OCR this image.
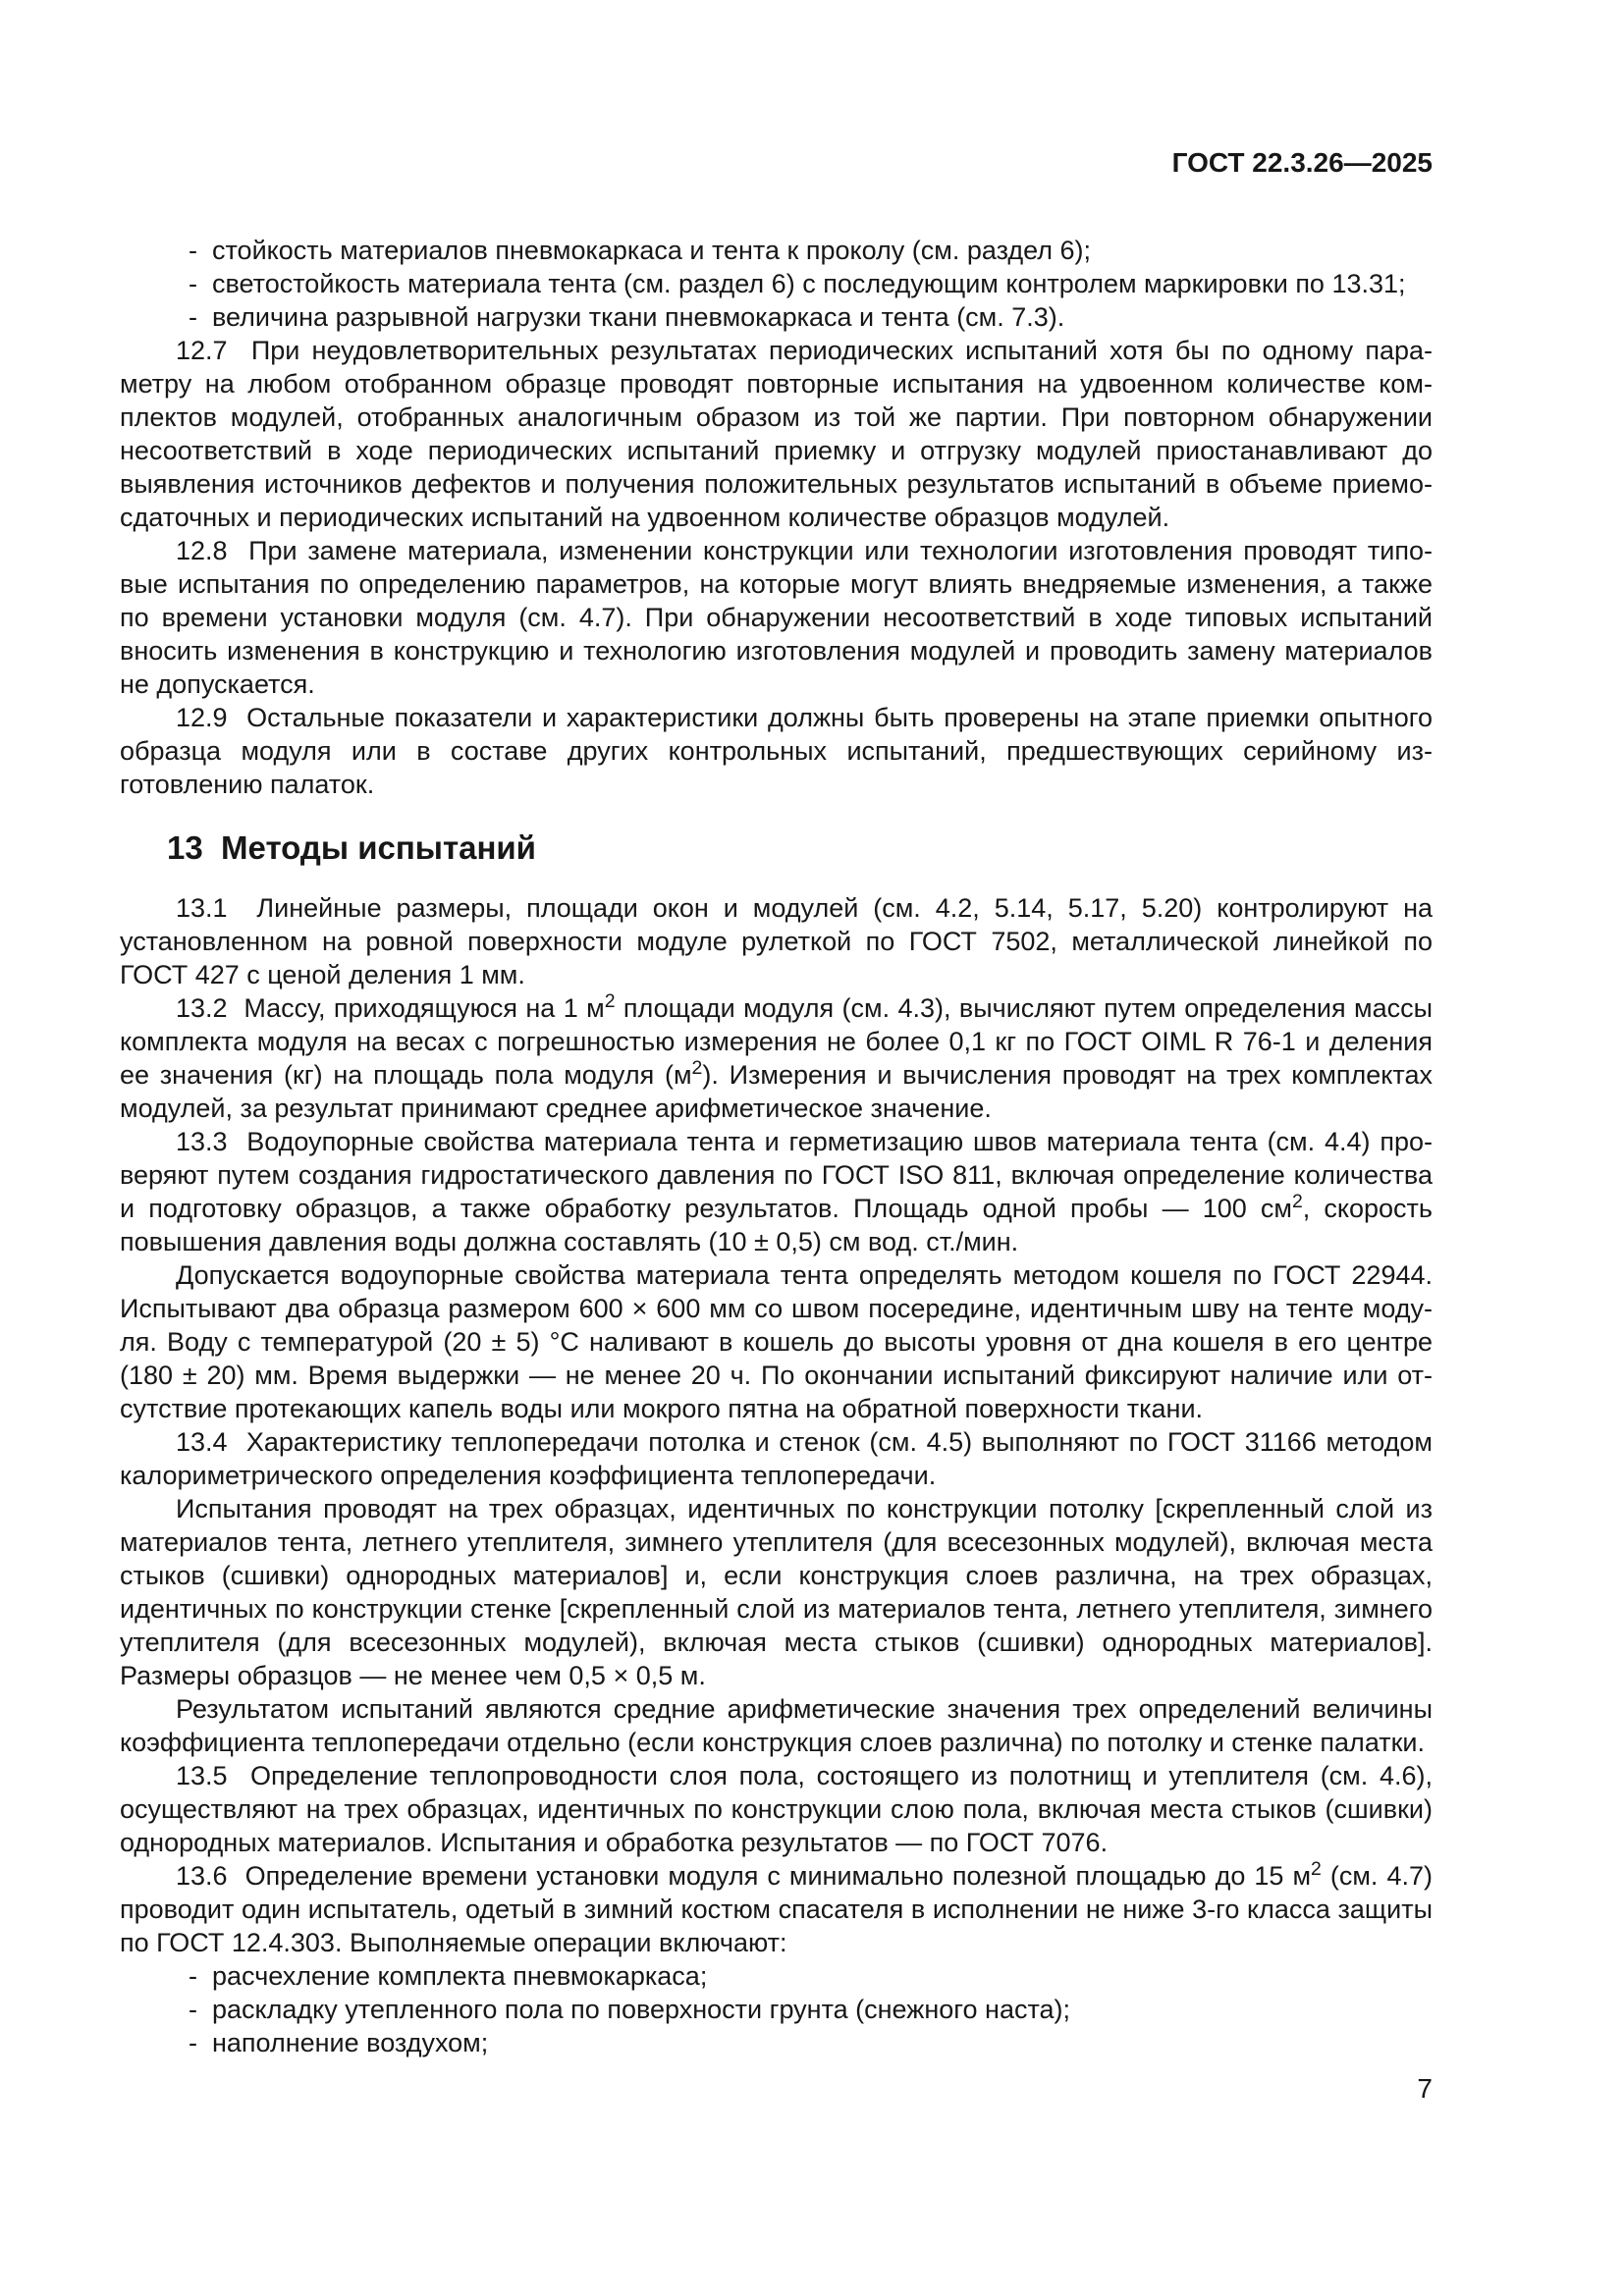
ГОСТ 22.3.26—2025

-  стойкость материалов пневмокаркаса и тента к проколу (см. раздел 6);

-  светостойкость материала тента (см. раздел 6) с последующим контролем маркировки по 13.31;

-  величина разрывной нагрузки ткани пневмокаркаса и тента (см. 7.3).

12.7  При неудовлетворительных результатах периодических испытаний хотя бы по одному параметру на любом отобранном образце проводят повторные испытания на удвоенном количестве комплектов модулей, отобранных аналогичным образом из той же партии. При повторном обнаружении несоответствий в ходе периодических испытаний приемку и отгрузку модулей приостанавливают до выявления источников дефектов и получения положительных результатов испытаний в объеме приемо-сдаточных и периодических испытаний на удвоенном количестве образцов модулей.

12.8  При замене материала, изменении конструкции или технологии изготовления проводят типовые испытания по определению параметров, на которые могут влиять внедряемые изменения, а также по времени установки модуля (см. 4.7). При обнаружении несоответствий в ходе типовых испытаний вносить изменения в конструкцию и технологию изготовления модулей и проводить замену материалов не допускается.

12.9  Остальные показатели и характеристики должны быть проверены на этапе приемки опытного образца модуля или в составе других контрольных испытаний, предшествующих серийному изготовлению палаток.

13  Методы испытаний

13.1  Линейные размеры, площади окон и модулей (см. 4.2, 5.14, 5.17, 5.20) контролируют на установленном на ровной поверхности модуле рулеткой по ГОСТ 7502, металлической линейкой по ГОСТ 427 с ценой деления 1 мм.

13.2  Массу, приходящуюся на 1 $м^2$ площади модуля (см. 4.3), вычисляют путем определения массы комплекта модуля на весах с погрешностью измерения не более 0,1 кг по ГОСТ OIML R 76-1 и деления ее значения (кг) на площадь пола модуля $(м^2)$. Измерения и вычисления проводят на трех комплектах модулей, за результат принимают среднее арифметическое значение.

13.3  Водоупорные свойства материала тента и герметизацию швов материала тента (см. 4.4) проверяют путем создания гидростатического давления по ГОСТ ISO 811, включая определение количества и подготовку образцов, а также обработку результатов. Площадь одной пробы — 100 $см^2$, скорость повышения давления воды должна составлять (10 ± 0,5) см вод. ст./мин.

Допускается водоупорные свойства материала тента определять методом кошеля по ГОСТ 22944. Испытывают два образца размером 600 × 600 мм со швом посередине, идентичным шву на тенте модуля. Воду с температурой (20 ± 5) °С наливают в кошель до высоты уровня от дна кошеля в его центре (180 ± 20) мм. Время выдержки — не менее 20 ч. По окончании испытаний фиксируют наличие или отсутствие протекающих капель воды или мокрого пятна на обратной поверхности ткани.

13.4  Характеристику теплопередачи потолка и стенок (см. 4.5) выполняют по ГОСТ 31166 методом калориметрического определения коэффициента теплопередачи.

Испытания проводят на трех образцах, идентичных по конструкции потолку [скрепленный слой из материалов тента, летнего утеплителя, зимнего утеплителя (для всесезонных модулей), включая места стыков (сшивки) однородных материалов] и, если конструкция слоев различна, на трех образцах, идентичных по конструкции стенке [скрепленный слой из материалов тента, летнего утеплителя, зимнего утеплителя (для всесезонных модулей), включая места стыков (сшивки) однородных материалов]. Размеры образцов — не менее чем 0,5 × 0,5 м.

Результатом испытаний являются средние арифметические значения трех определений величины коэффициента теплопередачи отдельно (если конструкция слоев различна) по потолку и стенке палатки.

13.5  Определение теплопроводности слоя пола, состоящего из полотнищ и утеплителя (см. 4.6), осуществляют на трех образцах, идентичных по конструкции слою пола, включая места стыков (сшивки) однородных материалов. Испытания и обработка результатов — по ГОСТ 7076.

13.6  Определение времени установки модуля с минимально полезной площадью до 15 $м^2$ (см. 4.7) проводит один испытатель, одетый в зимний костюм спасателя в исполнении не ниже 3-го класса защиты по ГОСТ 12.4.303. Выполняемые операции включают:

-  расчехление комплекта пневмокаркаса;

-  раскладку утепленного пола по поверхности грунта (снежного наста);

-  наполнение воздухом;

7
